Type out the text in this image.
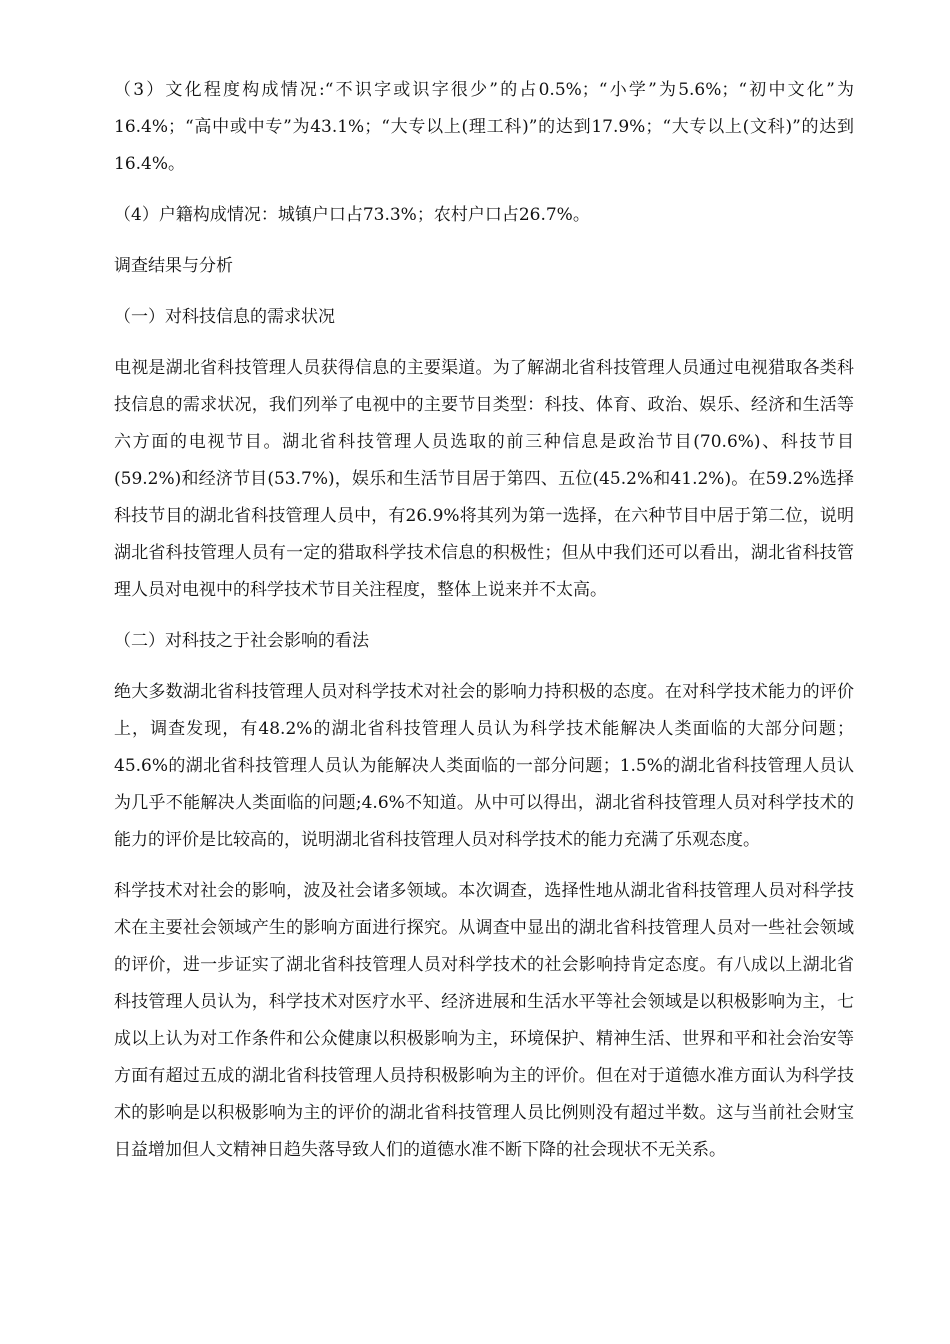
（3）文化程度构成情况:“不识字或识字很少”的占0.5%；“小学”为5.6%；“初中文化”为16.4%；“高中或中专”为43.1%；“大专以上(理工科)”的达到17.9%；“大专以上(文科)”的达到16.4%。

（4）户籍构成情况：城镇户口占73.3%；农村户口占26.7%。

调查结果与分析

（一）对科技信息的需求状况

电视是湖北省科技管理人员获得信息的主要渠道。为了解湖北省科技管理人员通过电视猎取各类科技信息的需求状况，我们列举了电视中的主要节目类型：科技、体育、政治、娱乐、经济和生活等六方面的电视节目。湖北省科技管理人员选取的前三种信息是政治节目(70.6%)、科技节目(59.2%)和经济节目(53.7%)，娱乐和生活节目居于第四、五位(45.2%和41.2%)。在59.2%选择科技节目的湖北省科技管理人员中，有26.9%将其列为第一选择，在六种节目中居于第二位，说明湖北省科技管理人员有一定的猎取科学技术信息的积极性；但从中我们还可以看出，湖北省科技管理人员对电视中的科学技术节目关注程度，整体上说来并不太高。

（二）对科技之于社会影响的看法

绝大多数湖北省科技管理人员对科学技术对社会的影响力持积极的态度。在对科学技术能力的评价上，调查发现，有48.2%的湖北省科技管理人员认为科学技术能解决人类面临的大部分问题；45.6%的湖北省科技管理人员认为能解决人类面临的一部分问题；1.5%的湖北省科技管理人员认为几乎不能解决人类面临的问题;4.6%不知道。从中可以得出，湖北省科技管理人员对科学技术的能力的评价是比较高的，说明湖北省科技管理人员对科学技术的能力充满了乐观态度。

科学技术对社会的影响，波及社会诸多领域。本次调查，选择性地从湖北省科技管理人员对科学技术在主要社会领域产生的影响方面进行探究。从调查中显出的湖北省科技管理人员对一些社会领域的评价，进一步证实了湖北省科技管理人员对科学技术的社会影响持肯定态度。有八成以上湖北省科技管理人员认为，科学技术对医疗水平、经济进展和生活水平等社会领域是以积极影响为主，七成以上认为对工作条件和公众健康以积极影响为主，环境保护、精神生活、世界和平和社会治安等方面有超过五成的湖北省科技管理人员持积极影响为主的评价。但在对于道德水准方面认为科学技术的影响是以积极影响为主的评价的湖北省科技管理人员比例则没有超过半数。这与当前社会财宝日益增加但人文精神日趋失落导致人们的道德水准不断下降的社会现状不无关系。
